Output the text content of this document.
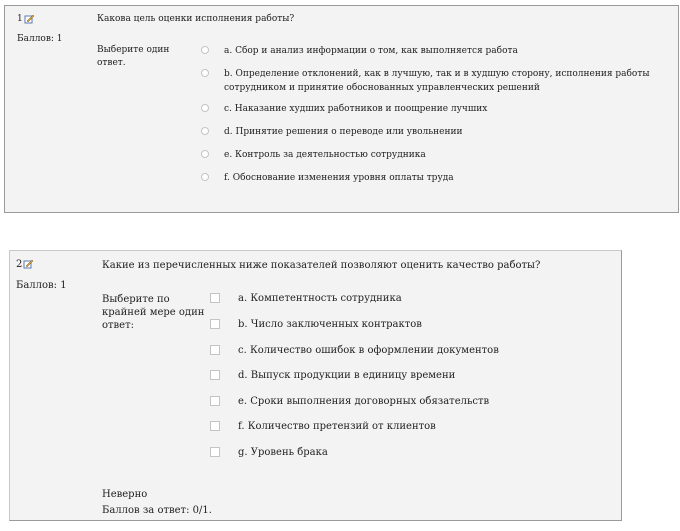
1
Баллов: 1
Какова цель оценки исполнения работы?
Выберите один ответ.
a. Сбор и анализ информации о том, как выполняется работа
b. Определение отклонений, как в лучшую, так и в худшую сторону, исполнения работы сотрудником и принятие обоснованных управленческих решений
c. Наказание худших работников и поощрение лучших
d. Принятие решения о переводе или увольнении
e. Контроль за деятельностью сотрудника
f. Обоснование изменения уровня оплаты труда
2
Баллов: 1
Какие из перечисленных ниже показателей позволяют оценить качество работы?
Выберите по крайней мере один ответ:
a. Компетентность сотрудника
b. Число заключенных контрактов
c. Количество ошибок в оформлении документов
d. Выпуск продукции в единицу времени
e. Сроки выполнения договорных обязательств
f. Количество претензий от клиентов
g. Уровень брака
Неверно
Баллов за ответ: 0/1.
